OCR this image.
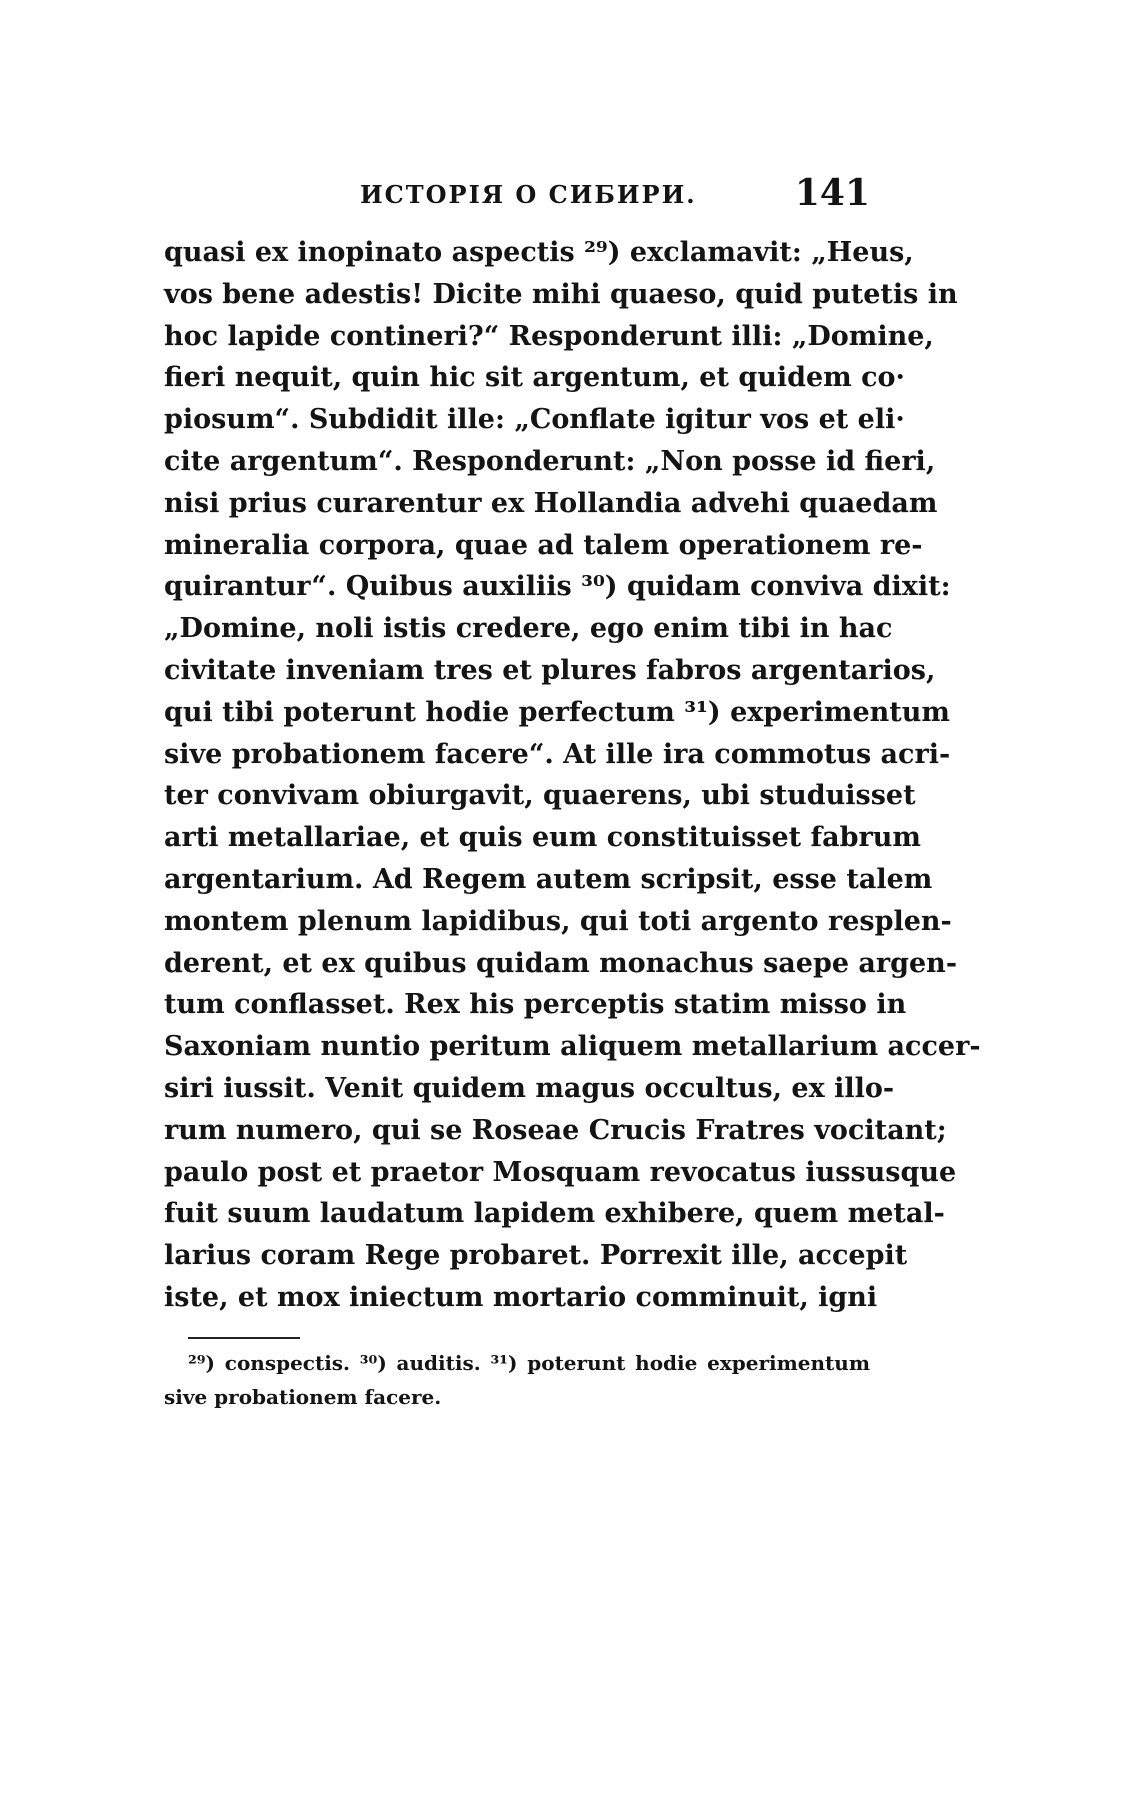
ИСТОРIЯ О СИБИРИ.	141
quasi ex inopinato aspectis ²⁹) exclamavit: „Heus,
vos bene adestis! Dicite mihi quaeso, quid putetis in
hoc lapide contineri?“ Responderunt illi: „Domine,
fieri nequit, quin hic sit argentum, et quidem co·
piosum“. Subdidit ille: „Conflate igitur vos et eli·
cite argentum“. Responderunt: „Non posse id fieri,
nisi prius curarentur ex Hollandia advehi quaedam
mineralia corpora, quae ad talem operationem re-
quirantur“. Quibus auxiliis ³⁰) quidam conviva dixit:
„Domine, noli istis credere, ego enim tibi in hac
civitate inveniam tres et plures fabros argentarios,
qui tibi poterunt hodie perfectum ³¹) experimentum
sive probationem facere“. At ille ira commotus acri-
ter convivam obiurgavit, quaerens, ubi studuisset
arti metallariae, et quis eum constituisset fabrum
argentarium. Ad Regem autem scripsit, esse talem
montem plenum lapidibus, qui toti argento resplen-
derent, et ex quibus quidam monachus saepe argen-
tum conflasset. Rex his perceptis statim misso in
Saxoniam nuntio peritum aliquem metallarium accer-
siri iussit. Venit quidem magus occultus, ex illo-
rum numero, qui se Roseae Crucis Fratres vocitant;
paulo post et praetor Mosquam revocatus iussusque
fuit suum laudatum lapidem exhibere, quem metal-
larius coram Rege probaret. Porrexit ille, accepit
iste, et mox iniectum mortario comminuit, igni
²⁹) conspectis. ³⁰) auditis. ³¹) poterunt hodie experimentum
sive probationem facere.
